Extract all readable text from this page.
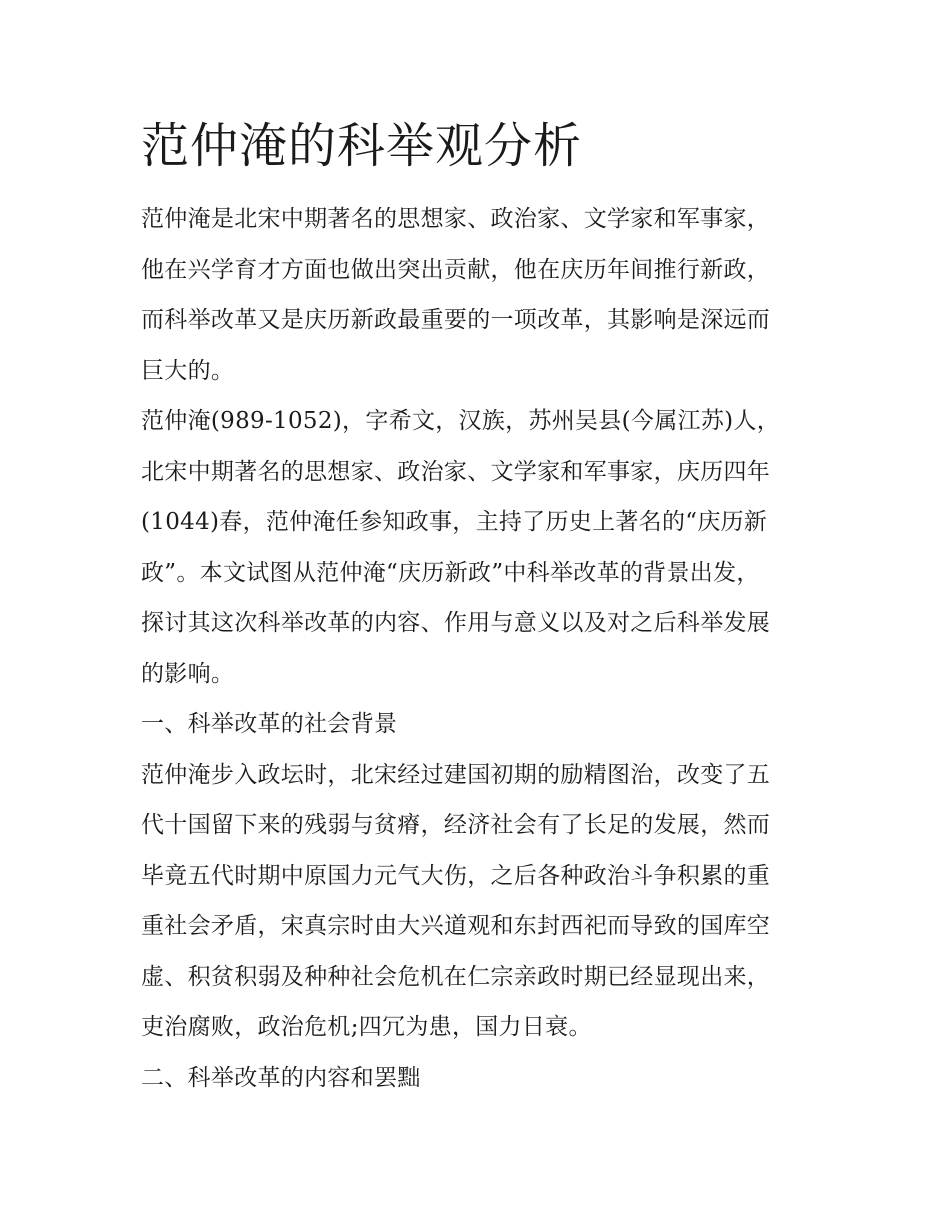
范仲淹的科举观分析

范仲淹是北宋中期著名的思想家、政治家、文学家和军事家，
他在兴学育才方面也做出突出贡献，他在庆历年间推行新政，
而科举改革又是庆历新政最重要的一项改革，其影响是深远而
巨大的。

范仲淹(989-1052)，字希文，汉族，苏州吴县(今属江苏)人，
北宋中期著名的思想家、政治家、文学家和军事家，庆历四年
(1044)春，范仲淹任参知政事，主持了历史上著名的“庆历新
政”。本文试图从范仲淹“庆历新政”中科举改革的背景出发，
探讨其这次科举改革的内容、作用与意义以及对之后科举发展
的影响。

一、科举改革的社会背景

范仲淹步入政坛时，北宋经过建国初期的励精图治，改变了五
代十国留下来的残弱与贫瘠，经济社会有了长足的发展，然而
毕竟五代时期中原国力元气大伤，之后各种政治斗争积累的重
重社会矛盾，宋真宗时由大兴道观和东封西祀而导致的国库空
虚、积贫积弱及种种社会危机在仁宗亲政时期已经显现出来，
吏治腐败，政治危机;四冗为患，国力日衰。

二、科举改革的内容和罢黜
